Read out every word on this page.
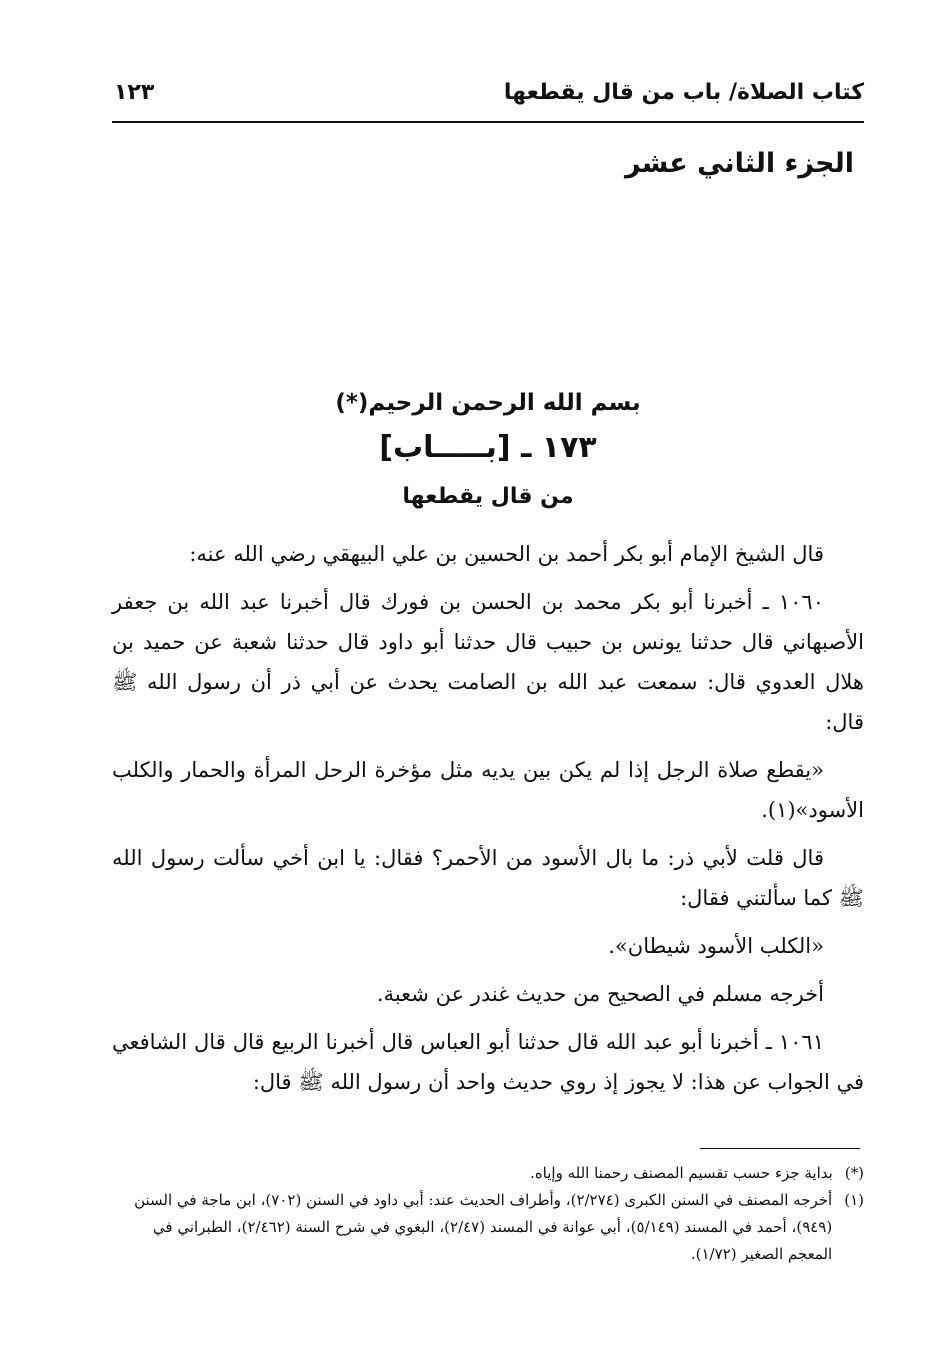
كتاب الصلاة/ باب من قال يقطعها
١٢٣
الجزء الثاني عشر
بسم الله الرحمن الرحيم(*)
١٧٣ ـ [بـــــاب]
من قال يقطعها

قال الشيخ الإمام أبو بكر أحمد بن الحسين بن علي البيهقي رضي الله عنه:

١٠٦٠ ـ أخبرنا أبو بكر محمد بن الحسن بن فورك قال أخبرنا عبد الله بن جعفر الأصبهاني قال حدثنا يونس بن حبيب قال حدثنا أبو داود قال حدثنا شعبة عن حميد بن هلال العدوي قال: سمعت عبد الله بن الصامت يحدث عن أبي ذر أن رسول الله ﷺ قال:

«يقطع صلاة الرجل إذا لم يكن بين يديه مثل مؤخرة الرحل المرأة والحمار والكلب الأسود»(١).

قال قلت لأبي ذر: ما بال الأسود من الأحمر؟ فقال: يا ابن أخي سألت رسول الله ﷺ كما سألتني فقال:

«الكلب الأسود شيطان».

أخرجه مسلم في الصحيح من حديث غندر عن شعبة.

١٠٦١ ـ أخبرنا أبو عبد الله قال حدثنا أبو العباس قال أخبرنا الربيع قال قال الشافعي في الجواب عن هذا: لا يجوز إذ روي حديث واحد أن رسول الله ﷺ قال:

(*)
بداية جزء حسب تقسيم المصنف رحمنا الله وإياه.
(١)
أخرجه المصنف في السنن الكبرى (٢/٢٧٤)، وأطراف الحديث عند: أبي داود في السنن (٧٠٢)، ابن ماجة في السنن (٩٤٩)، أحمد في المسند (٥/١٤٩)، أبي عوانة في المسند (٢/٤٧)، البغوي في شرح السنة (٢/٤٦٢)، الطبراني في المعجم الصغير (١/٧٢).
